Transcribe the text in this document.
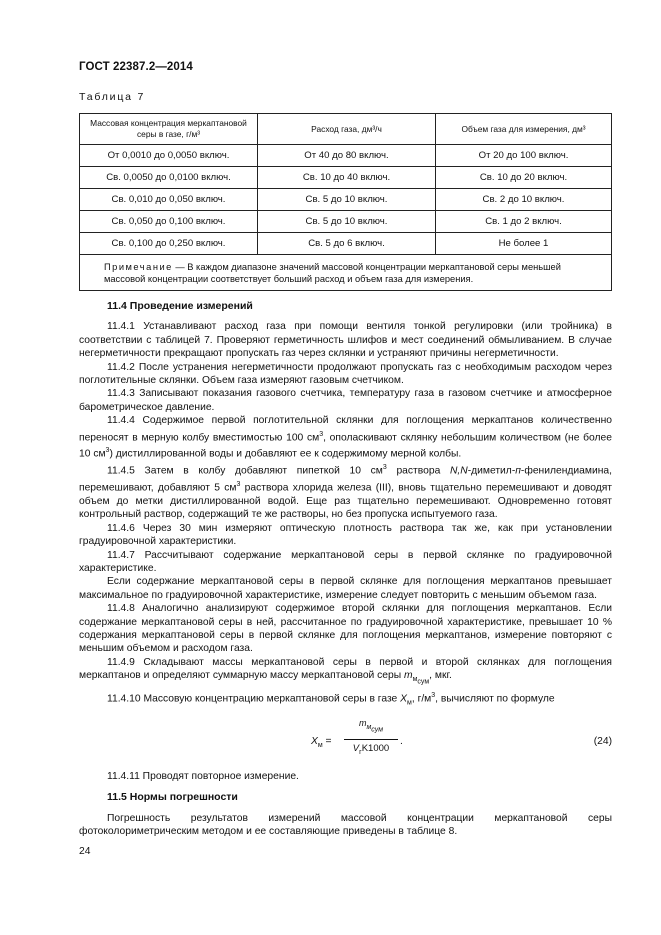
ГОСТ 22387.2—2014
Таблица 7
Массовая концентрация меркаптановой серы в газе, г/м³	Расход газа, дм³/ч	Объем газа для измерения, дм³
От 0,0010 до 0,0050 включ.	От 40 до 80 включ.	От 20 до 100 включ.
Св. 0,0050 до 0,0100 включ.	Св. 10 до 40 включ.	Св. 10 до 20 включ.
Св. 0,010 до 0,050 включ.	Св. 5 до 10 включ.	Св. 2 до 10 включ.
Св. 0,050 до 0,100 включ.	Св. 5 до 10 включ.	Св. 1 до 2 включ.
Св. 0,100 до 0,250 включ.	Св. 5 до 6 включ.	Не более 1
Примечание — В каждом диапазоне значений массовой концентрации меркаптановой серы меньшей массовой концентрации соответствует больший расход и объем газа для измерения.		
11.4 Проведение измерений

11.4.1 Устанавливают расход газа при помощи вентиля тонкой регулировки (или тройника) в соответствии с таблицей 7. Проверяют герметичность шлифов и мест соединений обмыливанием. В случае негерметичности прекращают пропускать газ через склянки и устраняют причины негерметичности.

11.4.2 После устранения негерметичности продолжают пропускать газ с необходимым расходом через поглотительные склянки. Объем газа измеряют газовым счетчиком.

11.4.3 Записывают показания газового счетчика, температуру газа в газовом счетчике и атмосферное барометрическое давление.

11.4.4 Содержимое первой поглотительной склянки для поглощения меркаптанов количественно переносят в мерную колбу вместимостью 100 $см^3$, ополаскивают склянку небольшим количеством (не более 10 $см^3$) дистиллированной воды и добавляют ее к содержимому мерной колбы.

11.4.5 Затем в колбу добавляют пипеткой 10 $см^3$ раствора N,N-диметил-п-фенилендиамина, перемешивают, добавляют 5 $см^3$ раствора хлорида железа (III), вновь тщательно перемешивают и доводят объем до метки дистиллированной водой. Еще раз тщательно перемешивают. Одновременно готовят контрольный раствор, содержащий те же растворы, но без пропуска испытуемого газа.

11.4.6 Через 30 мин измеряют оптическую плотность раствора так же, как при установлении градуировочной характеристики.

11.4.7 Рассчитывают содержание меркаптановой серы в первой склянке по градуировочной характеристике.

Если содержание меркаптановой серы в первой склянке для поглощения меркаптанов превышает максимальное по градуировочной характеристике, измерение следует повторить с меньшим объемом газа.

11.4.8 Аналогично анализируют содержимое второй склянки для поглощения меркаптанов. Если содержание меркаптановой серы в ней, рассчитанное по градуировочной характеристике, превышает 10 % содержания меркаптановой серы в первой склянке для поглощения меркаптанов, измерение повторяют с меньшим объемом и расходом газа.

11.4.9 Складывают массы меркаптановой серы в первой и второй склянках для поглощения меркаптанов и определяют суммарную массу меркаптановой серы $m_{м_{сум}}$, мкг.

11.4.10 Массовую концентрацию меркаптановой серы в газе $X_м$, $г/м^3$, вычисляют по формуле

$X_м$ =
$m_{м_{сум}}$
$V_гK1000$
.	(24)

11.4.11 Проводят повторное измерение.

11.5 Нормы погрешности

Погрешность результатов измерений массовой концентрации меркаптановой серы фотоколориметрическим методом и ее составляющие приведены в таблице 8.

24
